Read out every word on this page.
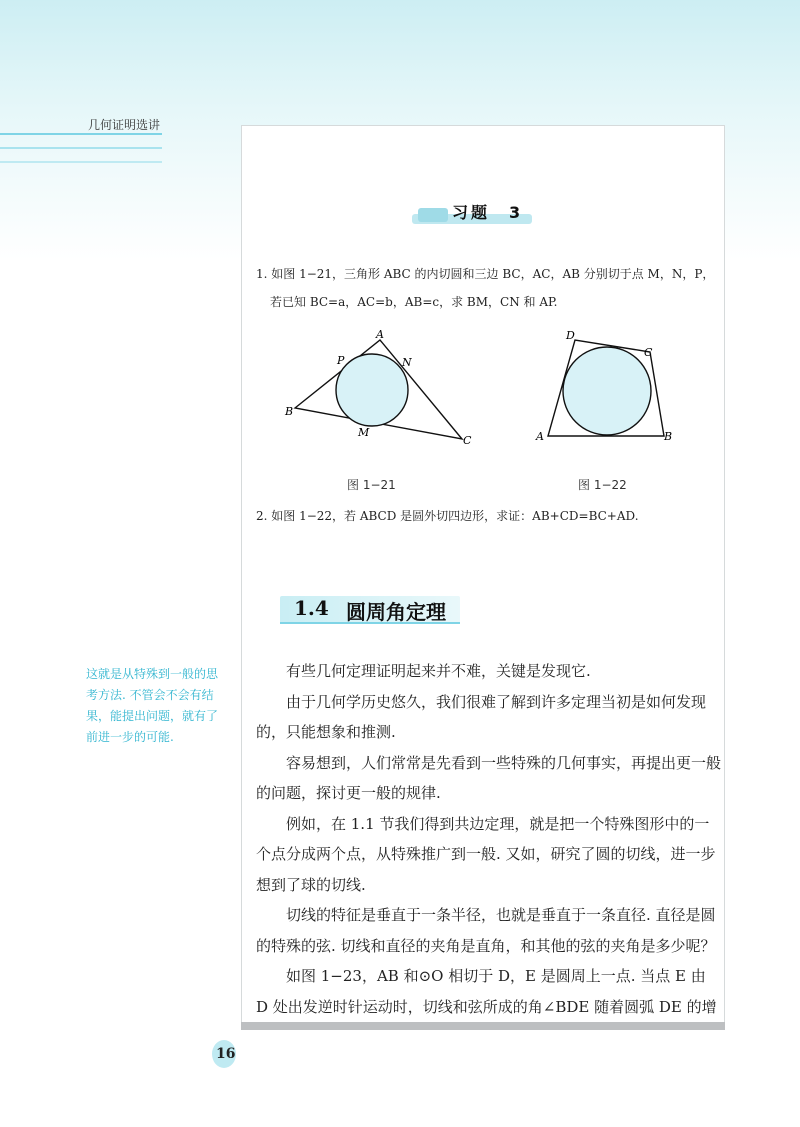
几何证明选讲
习题　3
1. 如图 1−21，三角形 ABC 的内切圆和三边 BC，AC，AB 分别切于点 M，N，P，
若已知 BC=a，AC=b，AB=c，求 BM，CN 和 AP.
A
B
C
P	N
M
图 1−21
D
C
A	B
图 1−22
2. 如图 1−22，若 ABCD 是圆外切四边形，求证：AB+CD=BC+AD.
1.4 圆周角定理
这就是从特殊到一般的思考方法. 不管会不会有结果，能提出问题，就有了前进一步的可能.

有些几何定理证明起来并不难，关键是发现它.

由于几何学历史悠久，我们很难了解到许多定理当初是如何发现的，只能想象和推测.

容易想到，人们常常是先看到一些特殊的几何事实，再提出更一般的问题，探讨更一般的规律.

例如，在 1.1 节我们得到共边定理，就是把一个特殊图形中的一个点分成两个点，从特殊推广到一般. 又如，研究了圆的切线，进一步想到了球的切线.

切线的特征是垂直于一条半径，也就是垂直于一条直径. 直径是圆的特殊的弦. 切线和直径的夹角是直角，和其他的弦的夹角是多少呢？

如图 1−23，AB 和⊙O 相切于 D，E 是圆周上一点. 当点 E 由 D 处出发逆时针运动时，切线和弦所成的角∠BDE 随着圆弧 DE 的增

16
